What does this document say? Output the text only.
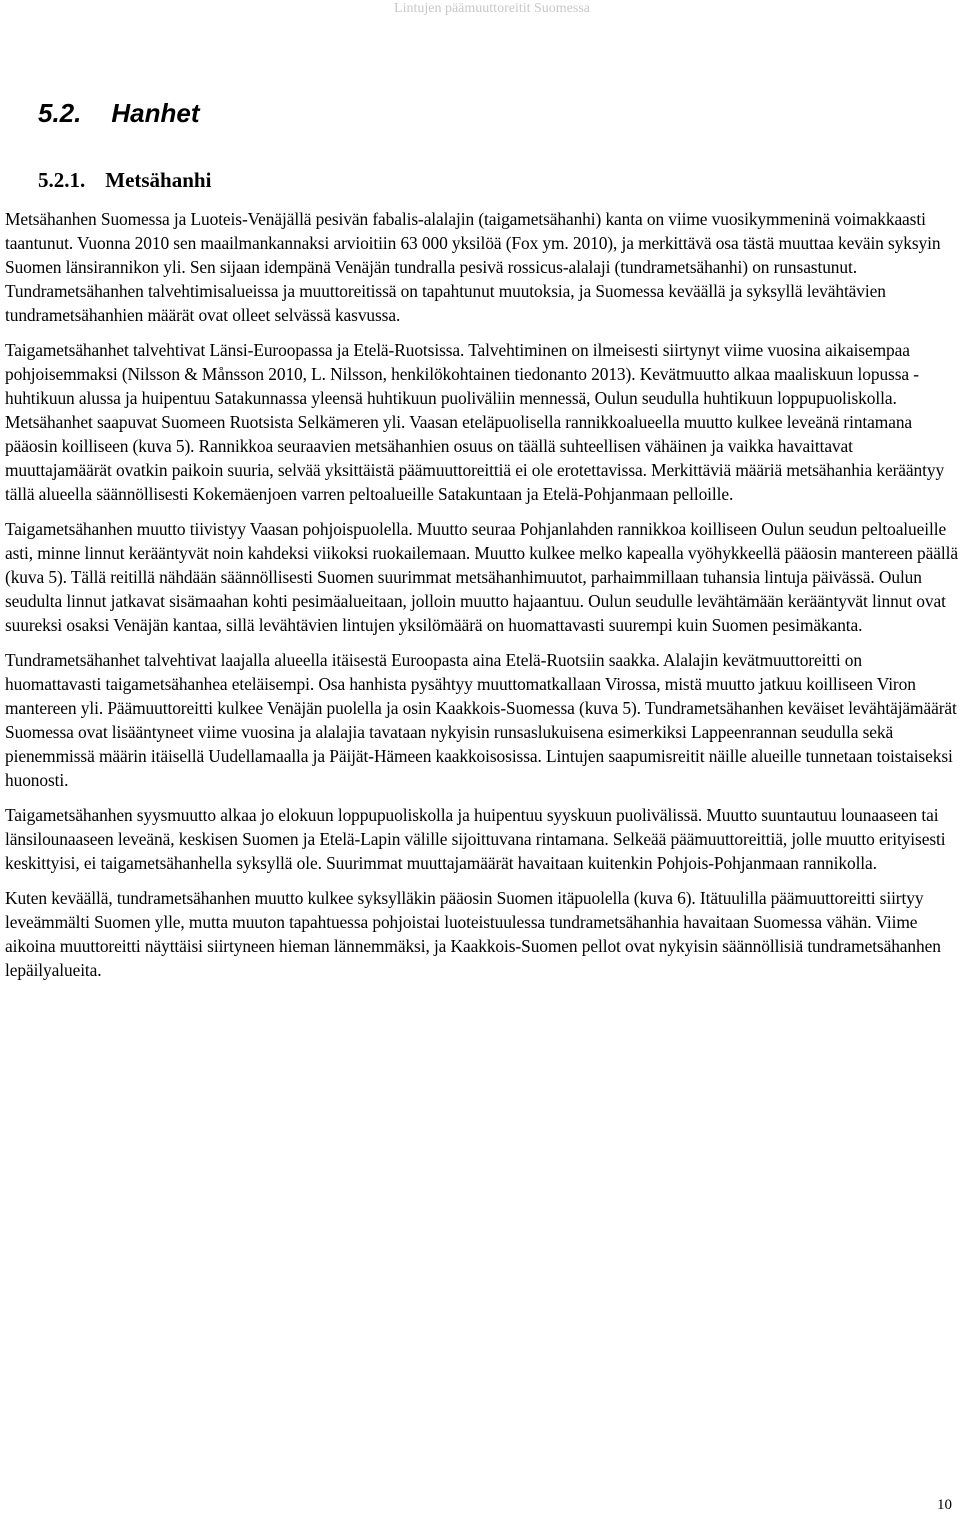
Lintujen päämuuttoreitit Suomessa
5.2. Hanhet
5.2.1. Metsähanhi

Metsähanhen Suomessa ja Luoteis-Venäjällä pesivän fabalis-alalajin (taigametsähanhi) kanta on viime vuosikymmeninä voimakkaasti taantunut. Vuonna 2010 sen maailmankannaksi arvioitiin 63 000 yksilöä (Fox ym. 2010), ja merkittävä osa tästä muuttaa keväin syksyin Suomen länsirannikon yli. Sen sijaan idempänä Venäjän tundralla pesivä rossicus-alalaji (tundrametsähanhi) on runsastunut. Tundrametsähanhen talvehtimisalueissa ja muuttoreitissä on tapahtunut muutoksia, ja Suomessa keväällä ja syksyllä levähtävien tundrametsähanhien määrät ovat olleet selvässä kasvussa.

Taigametsähanhet talvehtivat Länsi-Euroopassa ja Etelä-Ruotsissa. Talvehtiminen on ilmeisesti siirtynyt viime vuosina aikaisempaa pohjoisemmaksi (Nilsson & Månsson 2010, L. Nilsson, henkilökohtainen tiedonanto 2013). Kevätmuutto alkaa maaliskuun lopussa - huhtikuun alussa ja huipentuu Satakunnassa yleensä huhtikuun puoliväliin mennessä, Oulun seudulla huhtikuun loppupuoliskolla. Metsähanhet saapuvat Suomeen Ruotsista Selkämeren yli. Vaasan eteläpuolisella rannikkoalueella muutto kulkee leveänä rintamana pääosin koilliseen (kuva 5). Rannikkoa seuraavien metsähanhien osuus on täällä suhteellisen vähäinen ja vaikka havaittavat muuttajamäärät ovatkin paikoin suuria, selvää yksittäistä päämuuttoreittiä ei ole erotettavissa. Merkittäviä määriä metsähanhia kerääntyy tällä alueella säännöllisesti Kokemäenjoen varren peltoalueille Satakuntaan ja Etelä-Pohjanmaan pelloille.

Taigametsähanhen muutto tiivistyy Vaasan pohjoispuolella. Muutto seuraa Pohjanlahden rannikkoa koilliseen Oulun seudun peltoalueille asti, minne linnut kerääntyvät noin kahdeksi viikoksi ruokailemaan. Muutto kulkee melko kapealla vyöhykkeellä pääosin mantereen päällä (kuva 5). Tällä reitillä nähdään säännöllisesti Suomen suurimmat metsähanhimuutot, parhaimmillaan tuhansia lintuja päivässä. Oulun seudulta linnut jatkavat sisämaahan kohti pesimäalueitaan, jolloin muutto hajaantuu. Oulun seudulle levähtämään kerääntyvät linnut ovat suureksi osaksi Venäjän kantaa, sillä levähtävien lintujen yksilömäärä on huomattavasti suurempi kuin Suomen pesimäkanta.

Tundrametsähanhet talvehtivat laajalla alueella itäisestä Euroopasta aina Etelä-Ruotsiin saakka. Alalajin kevätmuuttoreitti on huomattavasti taigametsähanhea eteläisempi. Osa hanhista pysähtyy muuttomatkallaan Virossa, mistä muutto jatkuu koilliseen Viron mantereen yli. Päämuuttoreitti kulkee Venäjän puolella ja osin Kaakkois-Suomessa (kuva 5). Tundrametsähanhen keväiset levähtäjämäärät Suomessa ovat lisääntyneet viime vuosina ja alalajia tavataan nykyisin runsaslukuisena esimerkiksi Lappeenrannan seudulla sekä pienemmissä määrin itäisellä Uudellamaalla ja Päijät-Hämeen kaakkoisosissa. Lintujen saapumisreitit näille alueille tunnetaan toistaiseksi huonosti.

Taigametsähanhen syysmuutto alkaa jo elokuun loppupuoliskolla ja huipentuu syyskuun puolivälissä. Muutto suuntautuu lounaaseen tai länsilounaaseen leveänä, keskisen Suomen ja Etelä-Lapin välille sijoittuvana rintamana. Selkeää päämuuttoreittiä, jolle muutto erityisesti keskittyisi, ei taigametsähanhella syksyllä ole. Suurimmat muuttajamäärät havaitaan kuitenkin Pohjois-Pohjanmaan rannikolla.

Kuten keväällä, tundrametsähanhen muutto kulkee syksylläkin pääosin Suomen itäpuolella (kuva 6). Itätuulilla päämuuttoreitti siirtyy leveämmälti Suomen ylle, mutta muuton tapahtuessa pohjoistai luoteistuulessa tundrametsähanhia havaitaan Suomessa vähän. Viime aikoina muuttoreitti näyttäisi siirtyneen hieman lännemmäksi, ja Kaakkois-Suomen pellot ovat nykyisin säännöllisiä tundrametsähanhen lepäilyalueita.

10
